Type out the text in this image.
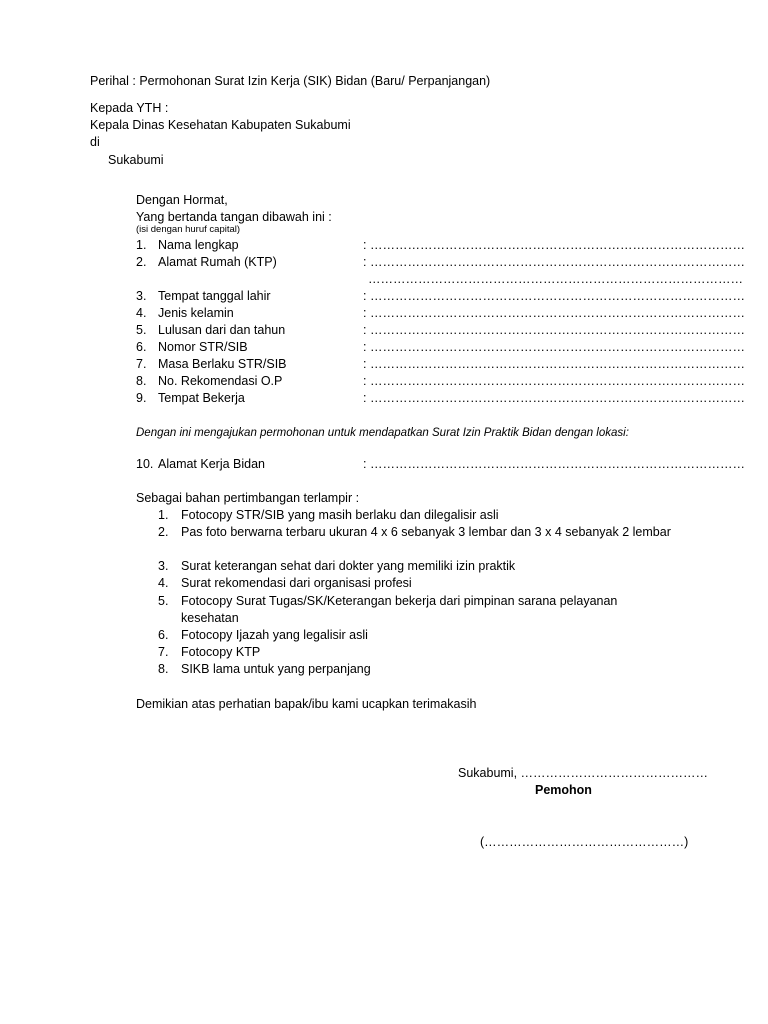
Perihal : Permohonan Surat Izin Kerja (SIK) Bidan (Baru/ Perpanjangan)
Kepada YTH :
Kepala Dinas Kesehatan Kabupaten Sukabumi
di
Sukabumi
Dengan Hormat,
Yang bertanda tangan dibawah ini :
(isi dengan huruf capital)
1. Nama lengkap	: ………………………………………………………………………………
2. Alamat Rumah (KTP)	: ………………………………………………………………………………
………………………………………………………………………………
3. Tempat tanggal lahir	: ………………………………………………………………………………
4. Jenis kelamin	: ………………………………………………………………………………
5. Lulusan dari dan tahun	: ………………………………………………………………………………
6. Nomor STR/SIB	: ………………………………………………………………………………
7. Masa Berlaku STR/SIB	: ………………………………………………………………………………
8. No. Rekomendasi O.P	: ………………………………………………………………………………
9. Tempat Bekerja	: ………………………………………………………………………………
Dengan ini mengajukan permohonan untuk mendapatkan Surat Izin Praktik Bidan dengan lokasi:
10. Alamat Kerja Bidan	: ………………………………………………………………………………
Sebagai bahan pertimbangan terlampir :
1. Fotocopy STR/SIB yang masih berlaku dan dilegalisir asli
2. Pas foto berwarna terbaru ukuran 4 x 6 sebanyak 3 lembar dan 3 x 4 sebanyak 2 lembar
3. Surat keterangan sehat dari dokter yang memiliki izin praktik
4. Surat rekomendasi dari organisasi profesi
5. Fotocopy Surat Tugas/SK/Keterangan bekerja dari pimpinan sarana pelayanan kesehatan
6. Fotocopy Ijazah yang legalisir asli
7. Fotocopy KTP
8. SIKB lama untuk yang perpanjang
Demikian atas perhatian bapak/ibu kami ucapkan terimakasih
Sukabumi, ………………………………………
Pemohon
(…………………………………………)
